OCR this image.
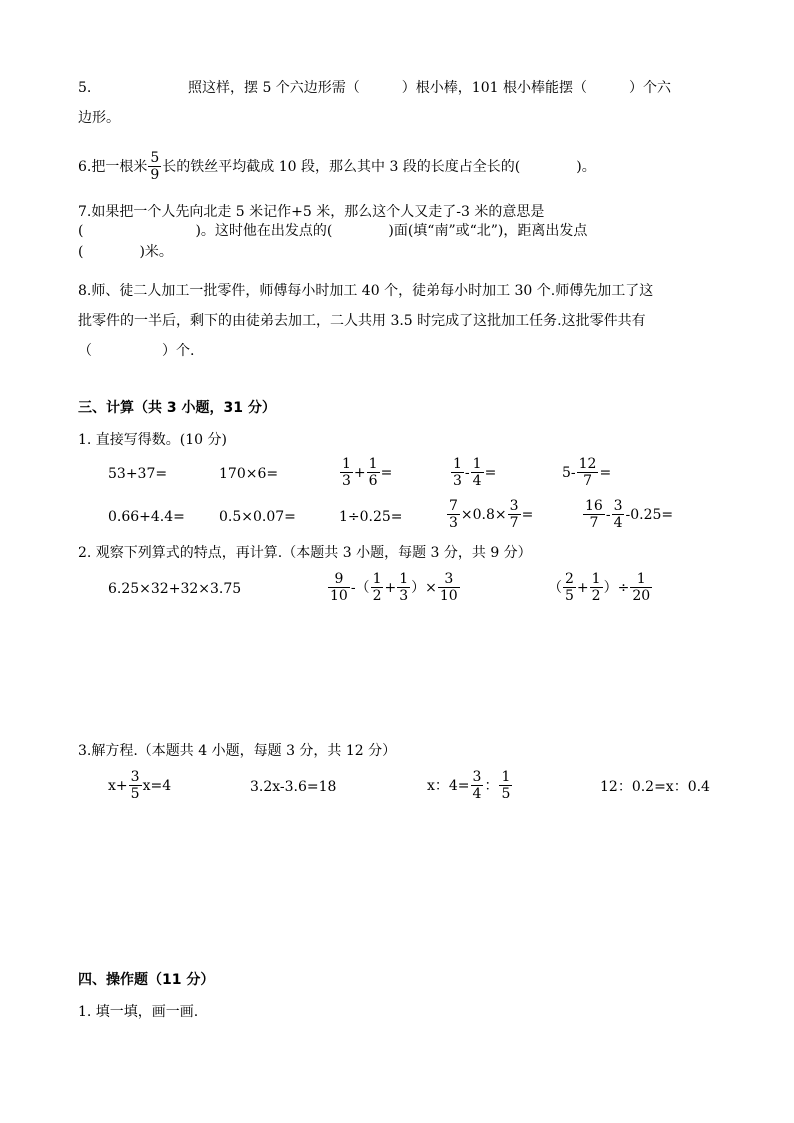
5.	照这样，摆 5 个六边形需（　　　）根小棒，101 根小棒能摆（　　　）个六
边形。
6.把一根米 $\frac{5}{9}$ 长的铁丝平均截成 10 段，那么其中 3 段的长度占全长的(　　　　)。
7.如果把一个人先向北走 5 米记作+5 米，那么这个人又走了-3 米的意思是
(　　　　　　　　)。这时他在出发点的(　　　　)面(填“南”或“北”)，距离出发点
(　　　　)米。
8.师、徒二人加工一批零件，师傅每小时加工 40 个，徒弟每小时加工 30 个.师傅先加工了这
批零件的一半后，剩下的由徒弟去加工，二人共用 3.5 时完成了这批加工任务.这批零件共有
（　　　　　）个.
三、计算（共 3 小题，31 分）
1. 直接写得数。(10 分)
53+37=	170×6=	$\frac{1}{3} + \frac{1}{6}$ =	$\frac{1}{3} - \frac{1}{4}$ =	$5- \frac{12}{7}$ =
0.66+4.4= 0.5×0.07=	1÷0.25=	$\frac{7}{3} \times 0.8\times \frac{3}{7}$ =	$\frac{16}{7} - \frac{3}{4} -0.25=$
2. 观察下列算式的特点，再计算.（本题共 3 小题，每题 3 分，共 9 分）
6.25×32+32×3.75	$\frac{9}{10}$ -（ $\frac{1}{2} + \frac{1}{3}$ ）× $\frac{3}{10}$	（ $\frac{2}{5} + \frac{1}{2}$ ）÷ $\frac{1}{20}$
3.解方程.（本题共 4 小题，每题 3 分，共 12 分）
$x+ \frac{3}{5} x=4$	3.2x-3.6=18	x：$4= \frac{3}{4}$ ： $\frac{1}{5}$	12：0.2=x：0.4
四、操作题（11 分）
1. 填一填，画一画.
